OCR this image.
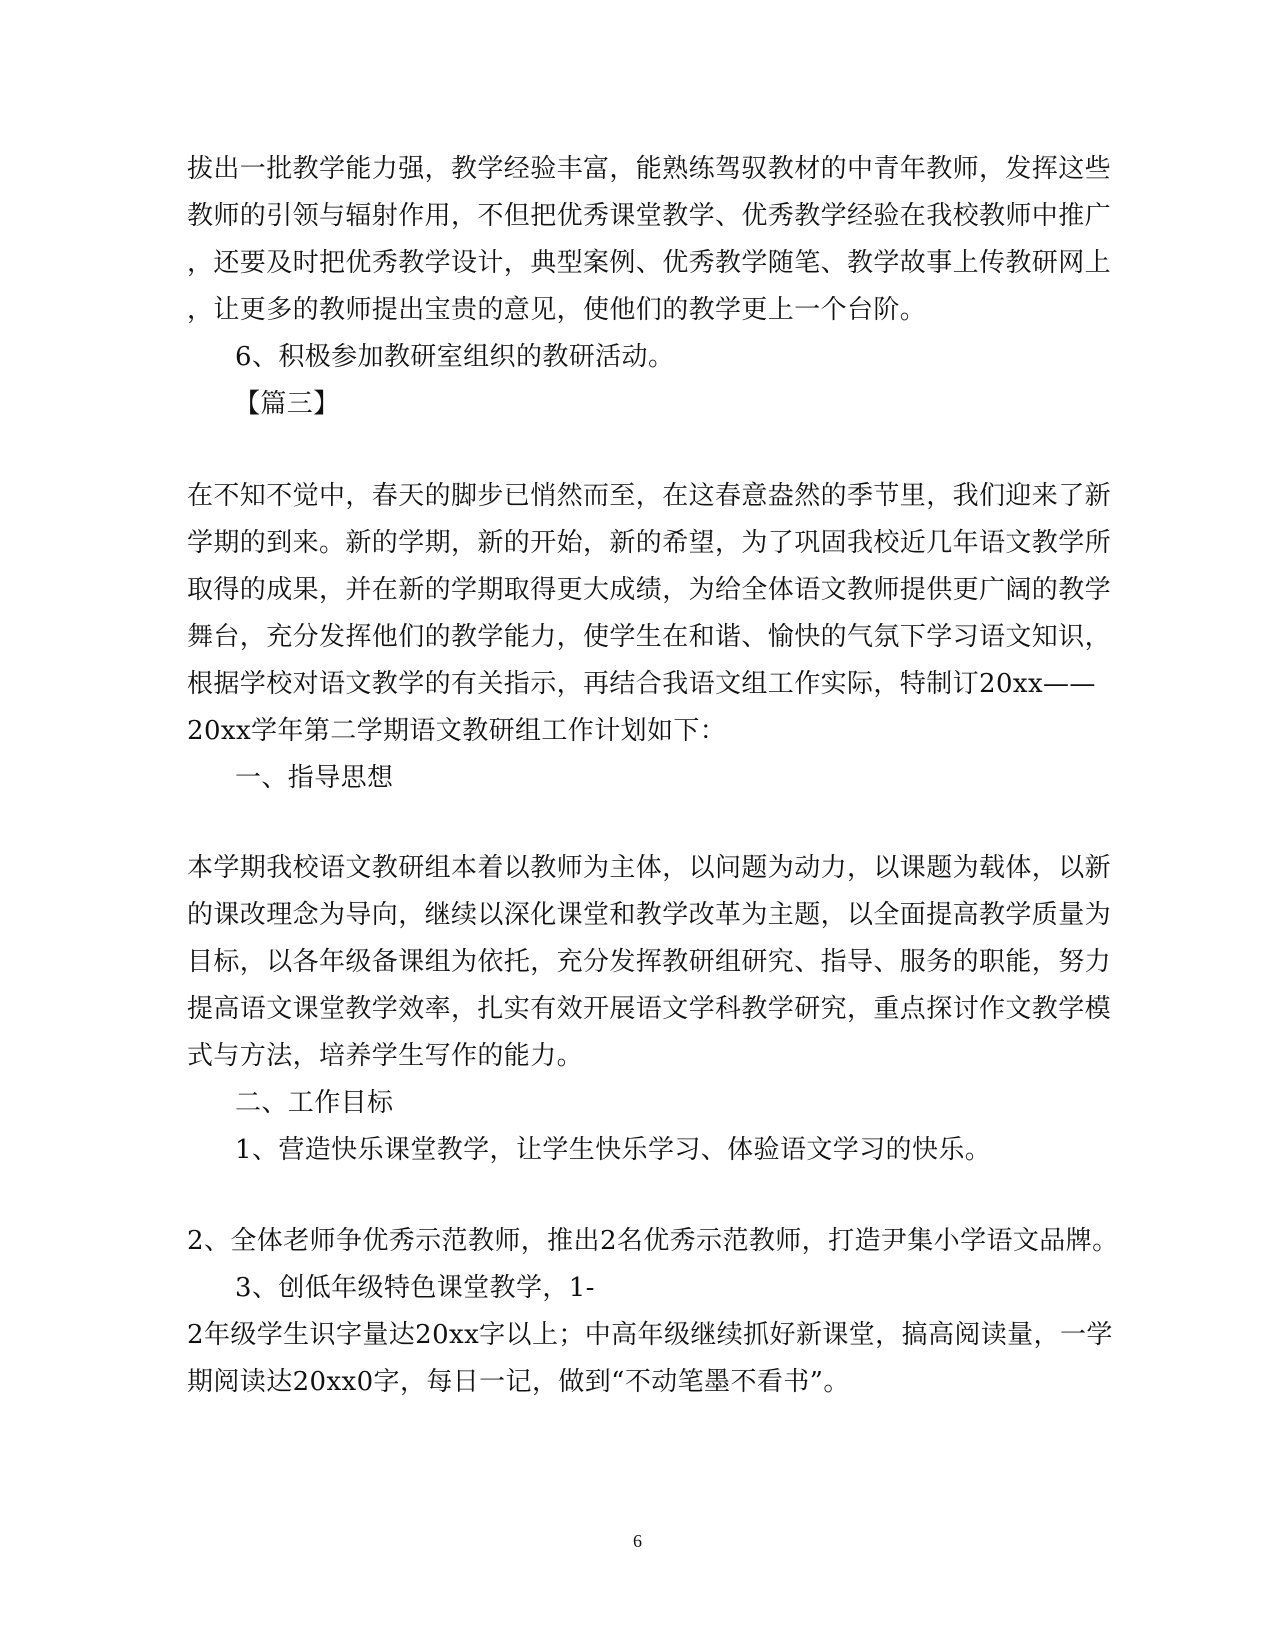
拔出一批教学能力强，教学经验丰富，能熟练驾驭教材的中青年教师，发挥这些
教师的引领与辐射作用，不但把优秀课堂教学、优秀教学经验在我校教师中推广
，还要及时把优秀教学设计，典型案例、优秀教学随笔、教学故事上传教研网上
，让更多的教师提出宝贵的意见，使他们的教学更上一个台阶。
6、积极参加教研室组织的教研活动。
【篇三】
在不知不觉中，春天的脚步已悄然而至，在这春意盎然的季节里，我们迎来了新
学期的到来。新的学期，新的开始，新的希望，为了巩固我校近几年语文教学所
取得的成果，并在新的学期取得更大成绩，为给全体语文教师提供更广阔的教学
舞台，充分发挥他们的教学能力，使学生在和谐、愉快的气氛下学习语文知识，
根据学校对语文教学的有关指示，再结合我语文组工作实际，特制订20xx——
20xx学年第二学期语文教研组工作计划如下：
一、指导思想
本学期我校语文教研组本着以教师为主体，以问题为动力，以课题为载体，以新
的课改理念为导向，继续以深化课堂和教学改革为主题，以全面提高教学质量为
目标，以各年级备课组为依托，充分发挥教研组研究、指导、服务的职能，努力
提高语文课堂教学效率，扎实有效开展语文学科教学研究，重点探讨作文教学模
式与方法，培养学生写作的能力。
二、工作目标
1、营造快乐课堂教学，让学生快乐学习、体验语文学习的快乐。
2、全体老师争优秀示范教师，推出2名优秀示范教师，打造尹集小学语文品牌。
3、创低年级特色课堂教学，1-
2年级学生识字量达20xx字以上；中高年级继续抓好新课堂，搞高阅读量，一学
期阅读达20xx0字，每日一记，做到“不动笔墨不看书”。
6
